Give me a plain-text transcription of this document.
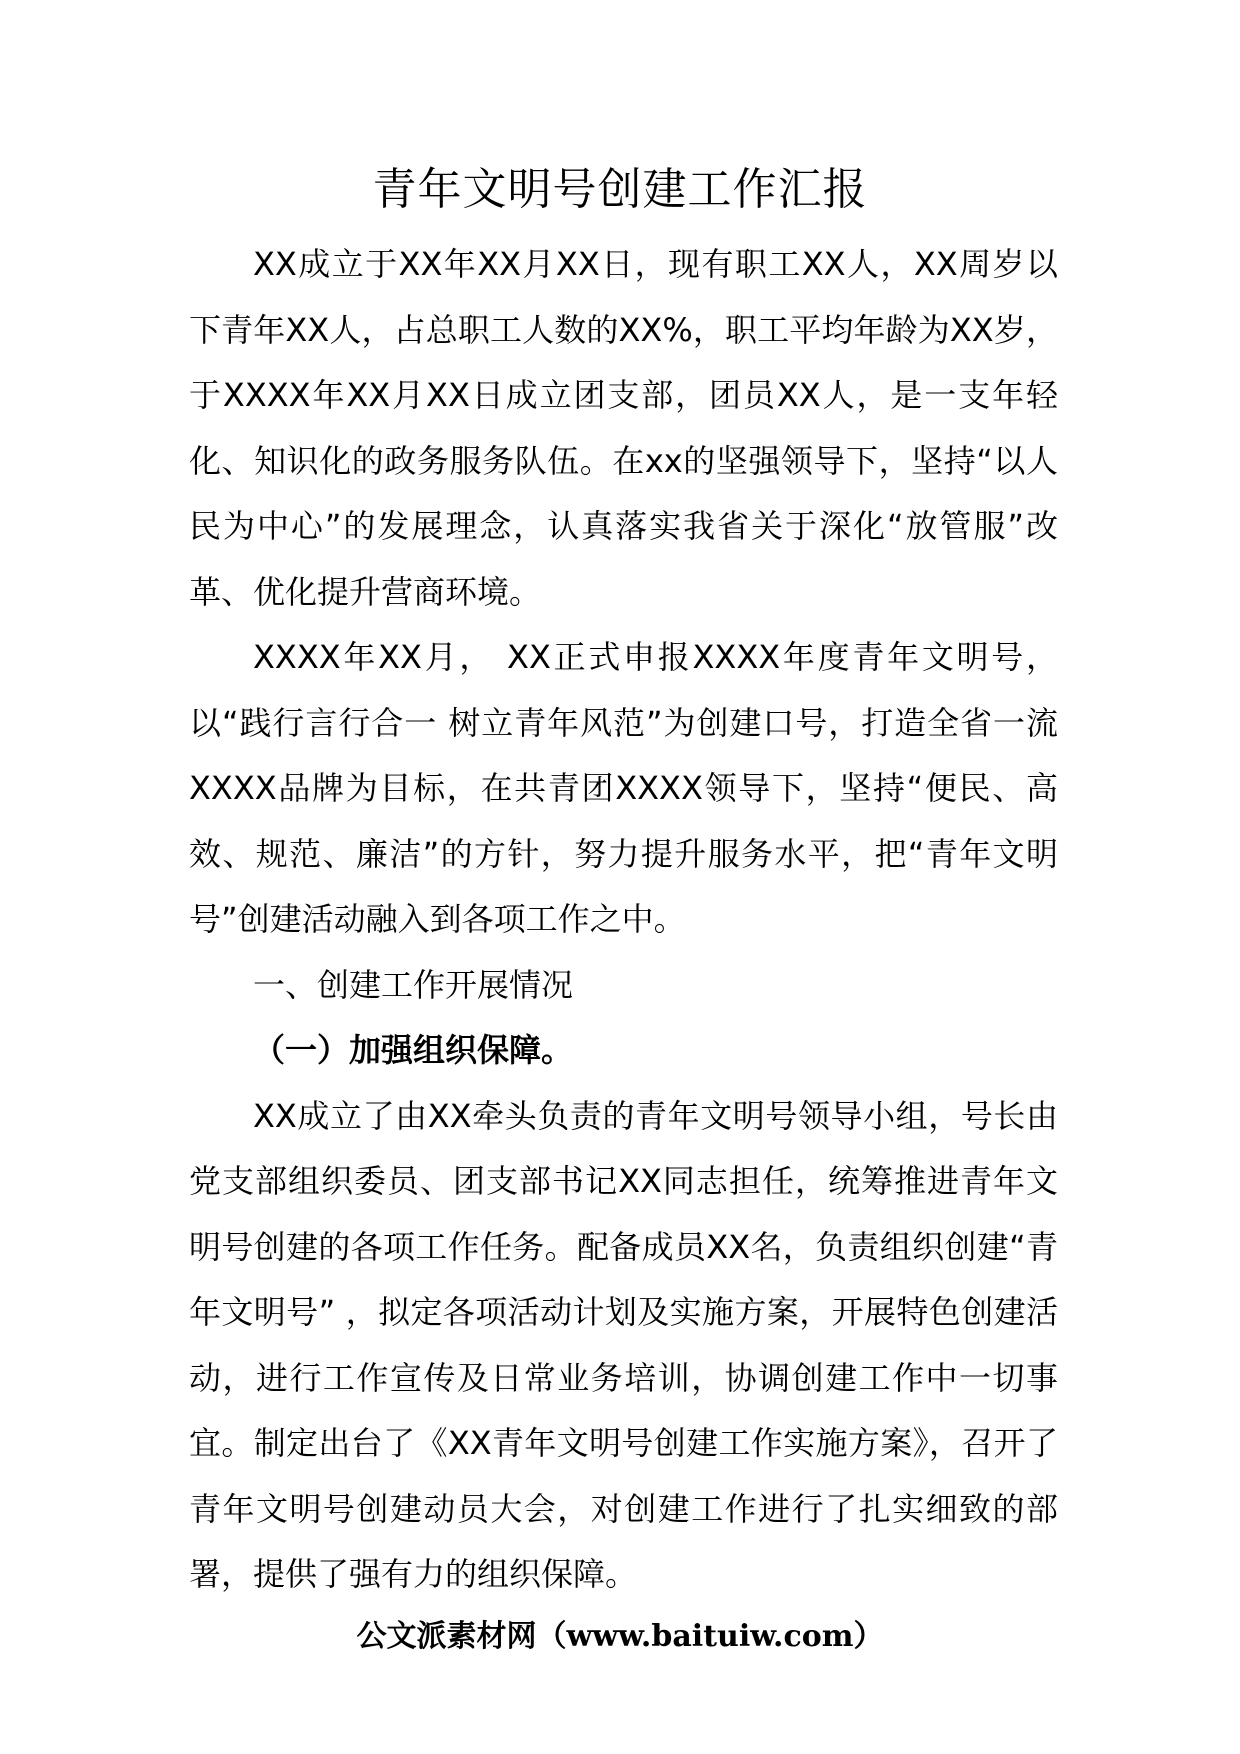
青年文明号创建工作汇报

XX成立于XX年XX月XX日，现有职工XX人，XX周岁以下青年XX人，占总职工人数的XX%，职工平均年龄为XX岁，于XXXX年XX月XX日成立团支部，团员XX人，是一支年轻化、知识化的政务服务队伍。在xx的坚强领导下，坚持“以人民为中心”的发展理念，认真落实我省关于深化“放管服”改革、优化提升营商环境。

XXXX年XX月， XX正式申报XXXX年度青年文明号，以“践行言行合一 树立青年风范”为创建口号，打造全省一流XXXX品牌为目标，在共青团XXXX领导下，坚持“便民、高效、规范、廉洁”的方针，努力提升服务水平，把“青年文明号”创建活动融入到各项工作之中。

一、创建工作开展情况

（一）加强组织保障。

XX成立了由XX牵头负责的青年文明号领导小组，号长由党支部组织委员、团支部书记XX同志担任，统筹推进青年文明号创建的各项工作任务。配备成员XX名，负责组织创建“青年文明号” ，拟定各项活动计划及实施方案，开展特色创建活动，进行工作宣传及日常业务培训，协调创建工作中一切事宜。制定出台了《XX青年文明号创建工作实施方案》，召开了青年文明号创建动员大会，对创建工作进行了扎实细致的部署，提供了强有力的组织保障。

公文派素材网（www.baituiw.com）
